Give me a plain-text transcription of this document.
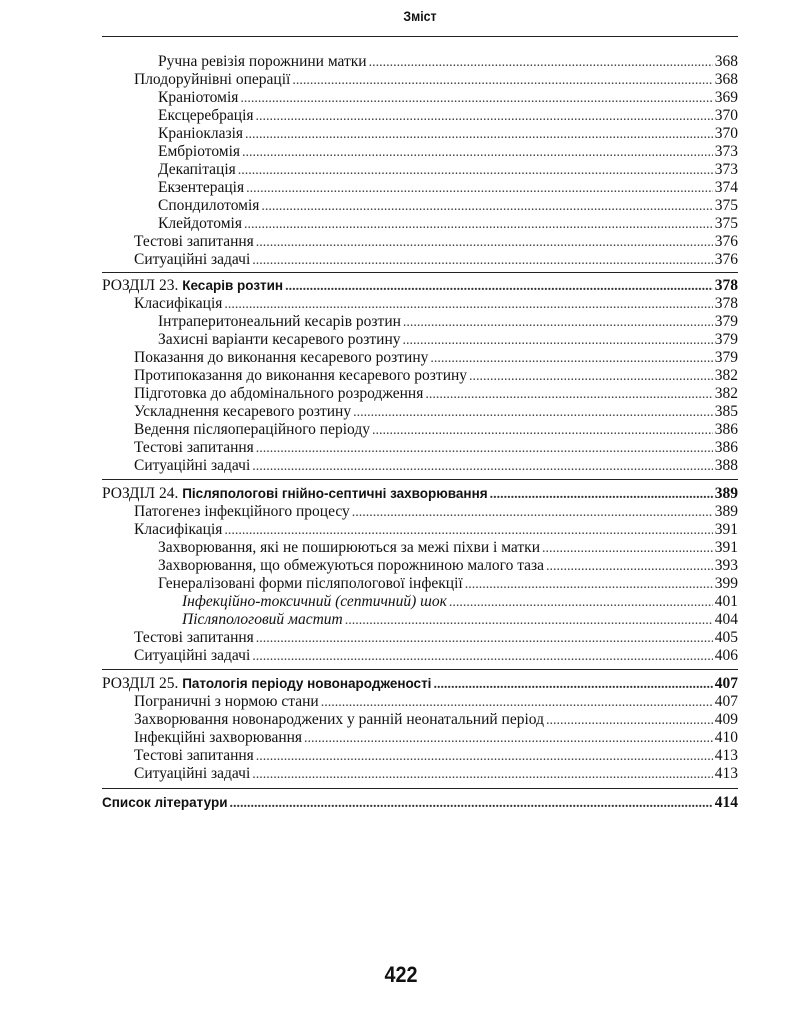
Зміст
Ручна ревізія порожнини матки .....	368
Плодоруйнівні операції .....	368
Краніотомія .....	369
Ексцеребрація .....	370
Краніоклазія .....	370
Ембріотомія .....	373
Декапітація .....	373
Екзентерація .....	374
Спондилотомія .....	375
Клейдотомія .....	375
Тестові запитання .....	376
Ситуаційні задачі .....	376
РОЗДІЛ 23.
Кесарів розтин .....	378
Класифікація .....	378
Інтраперитонеальний кесарів розтин .....	379
Захисні варіанти кесаревого розтину .....	379
Показання до виконання кесаревого розтину .....	379
Протипоказання до виконання кесаревого розтину .....	382
Підготовка до абдомінального розродження .....	382
Ускладнення кесаревого розтину .....	385
Ведення післяопераційного періоду .....	386
Тестові запитання .....	386
Ситуаційні задачі .....	388
РОЗДІЛ 24.
Післяпологові гнійно-септичні захворювання .....	389
Патогенез інфекційного процесу .....	389
Класифікація .....	391
Захворювання, які не поширюються за межі піхви і матки .....	391
Захворювання, що обмежуються порожниною малого таза .....	393
Генералізовані форми післяпологової інфекції .....	399
Інфекційно-токсичний (септичний) шок .....	401
Післяпологовий мастит .....	404
Тестові запитання .....	405
Ситуаційні задачі .....	406
РОЗДІЛ 25.
Патологія періоду новонародженості .....	407
Пограничні з нормою стани .....	407
Захворювання новонароджених у ранній неонатальний період .....	409
Інфекційні захворювання .....	410
Тестові запитання .....	413
Ситуаційні задачі .....	413
Список літератури .....	414
422
